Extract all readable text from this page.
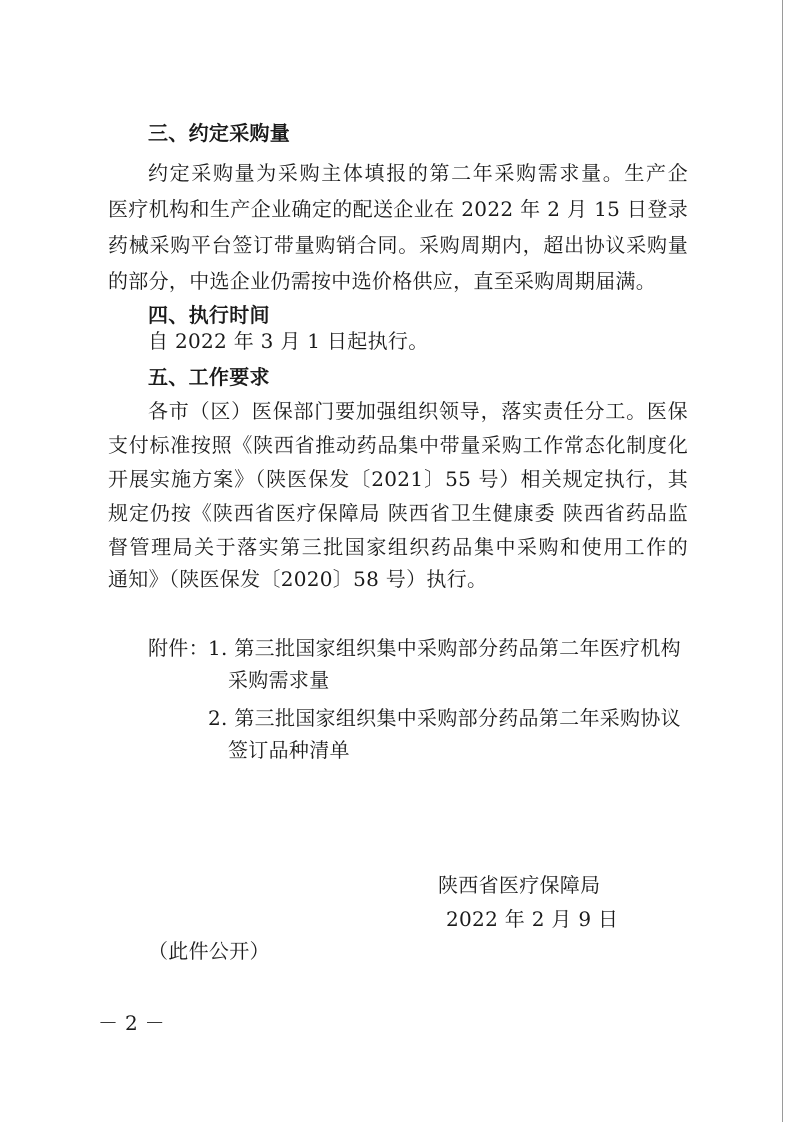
三、约定采购量
约定采购量为采购主体填报的第二年采购需求量。生产企
医疗机构和生产企业确定的配送企业在 2022 年 2 月 15 日登录
药械采购平台签订带量购销合同。采购周期内，超出协议采购量
的部分，中选企业仍需按中选价格供应，直至采购周期届满。
四、执行时间
自 2022 年 3 月 1 日起执行。
五、工作要求
各市（区）医保部门要加强组织领导，落实责任分工。医保
支付标准按照《陕西省推动药品集中带量采购工作常态化制度化
开展实施方案》（陕医保发〔2021〕55 号）相关规定执行，其
规定仍按《陕西省医疗保障局 陕西省卫生健康委 陕西省药品监
督管理局关于落实第三批国家组织药品集中采购和使用工作的
通知》（陕医保发〔2020〕58 号）执行。
附件： 1. 第三批国家组织集中采购部分药品第二年医疗机构
采购需求量
2. 第三批国家组织集中采购部分药品第二年采购协议
签订品种清单
陕西省医疗保障局
2022 年 2 月 9 日
（此件公开）
－ 2 －
